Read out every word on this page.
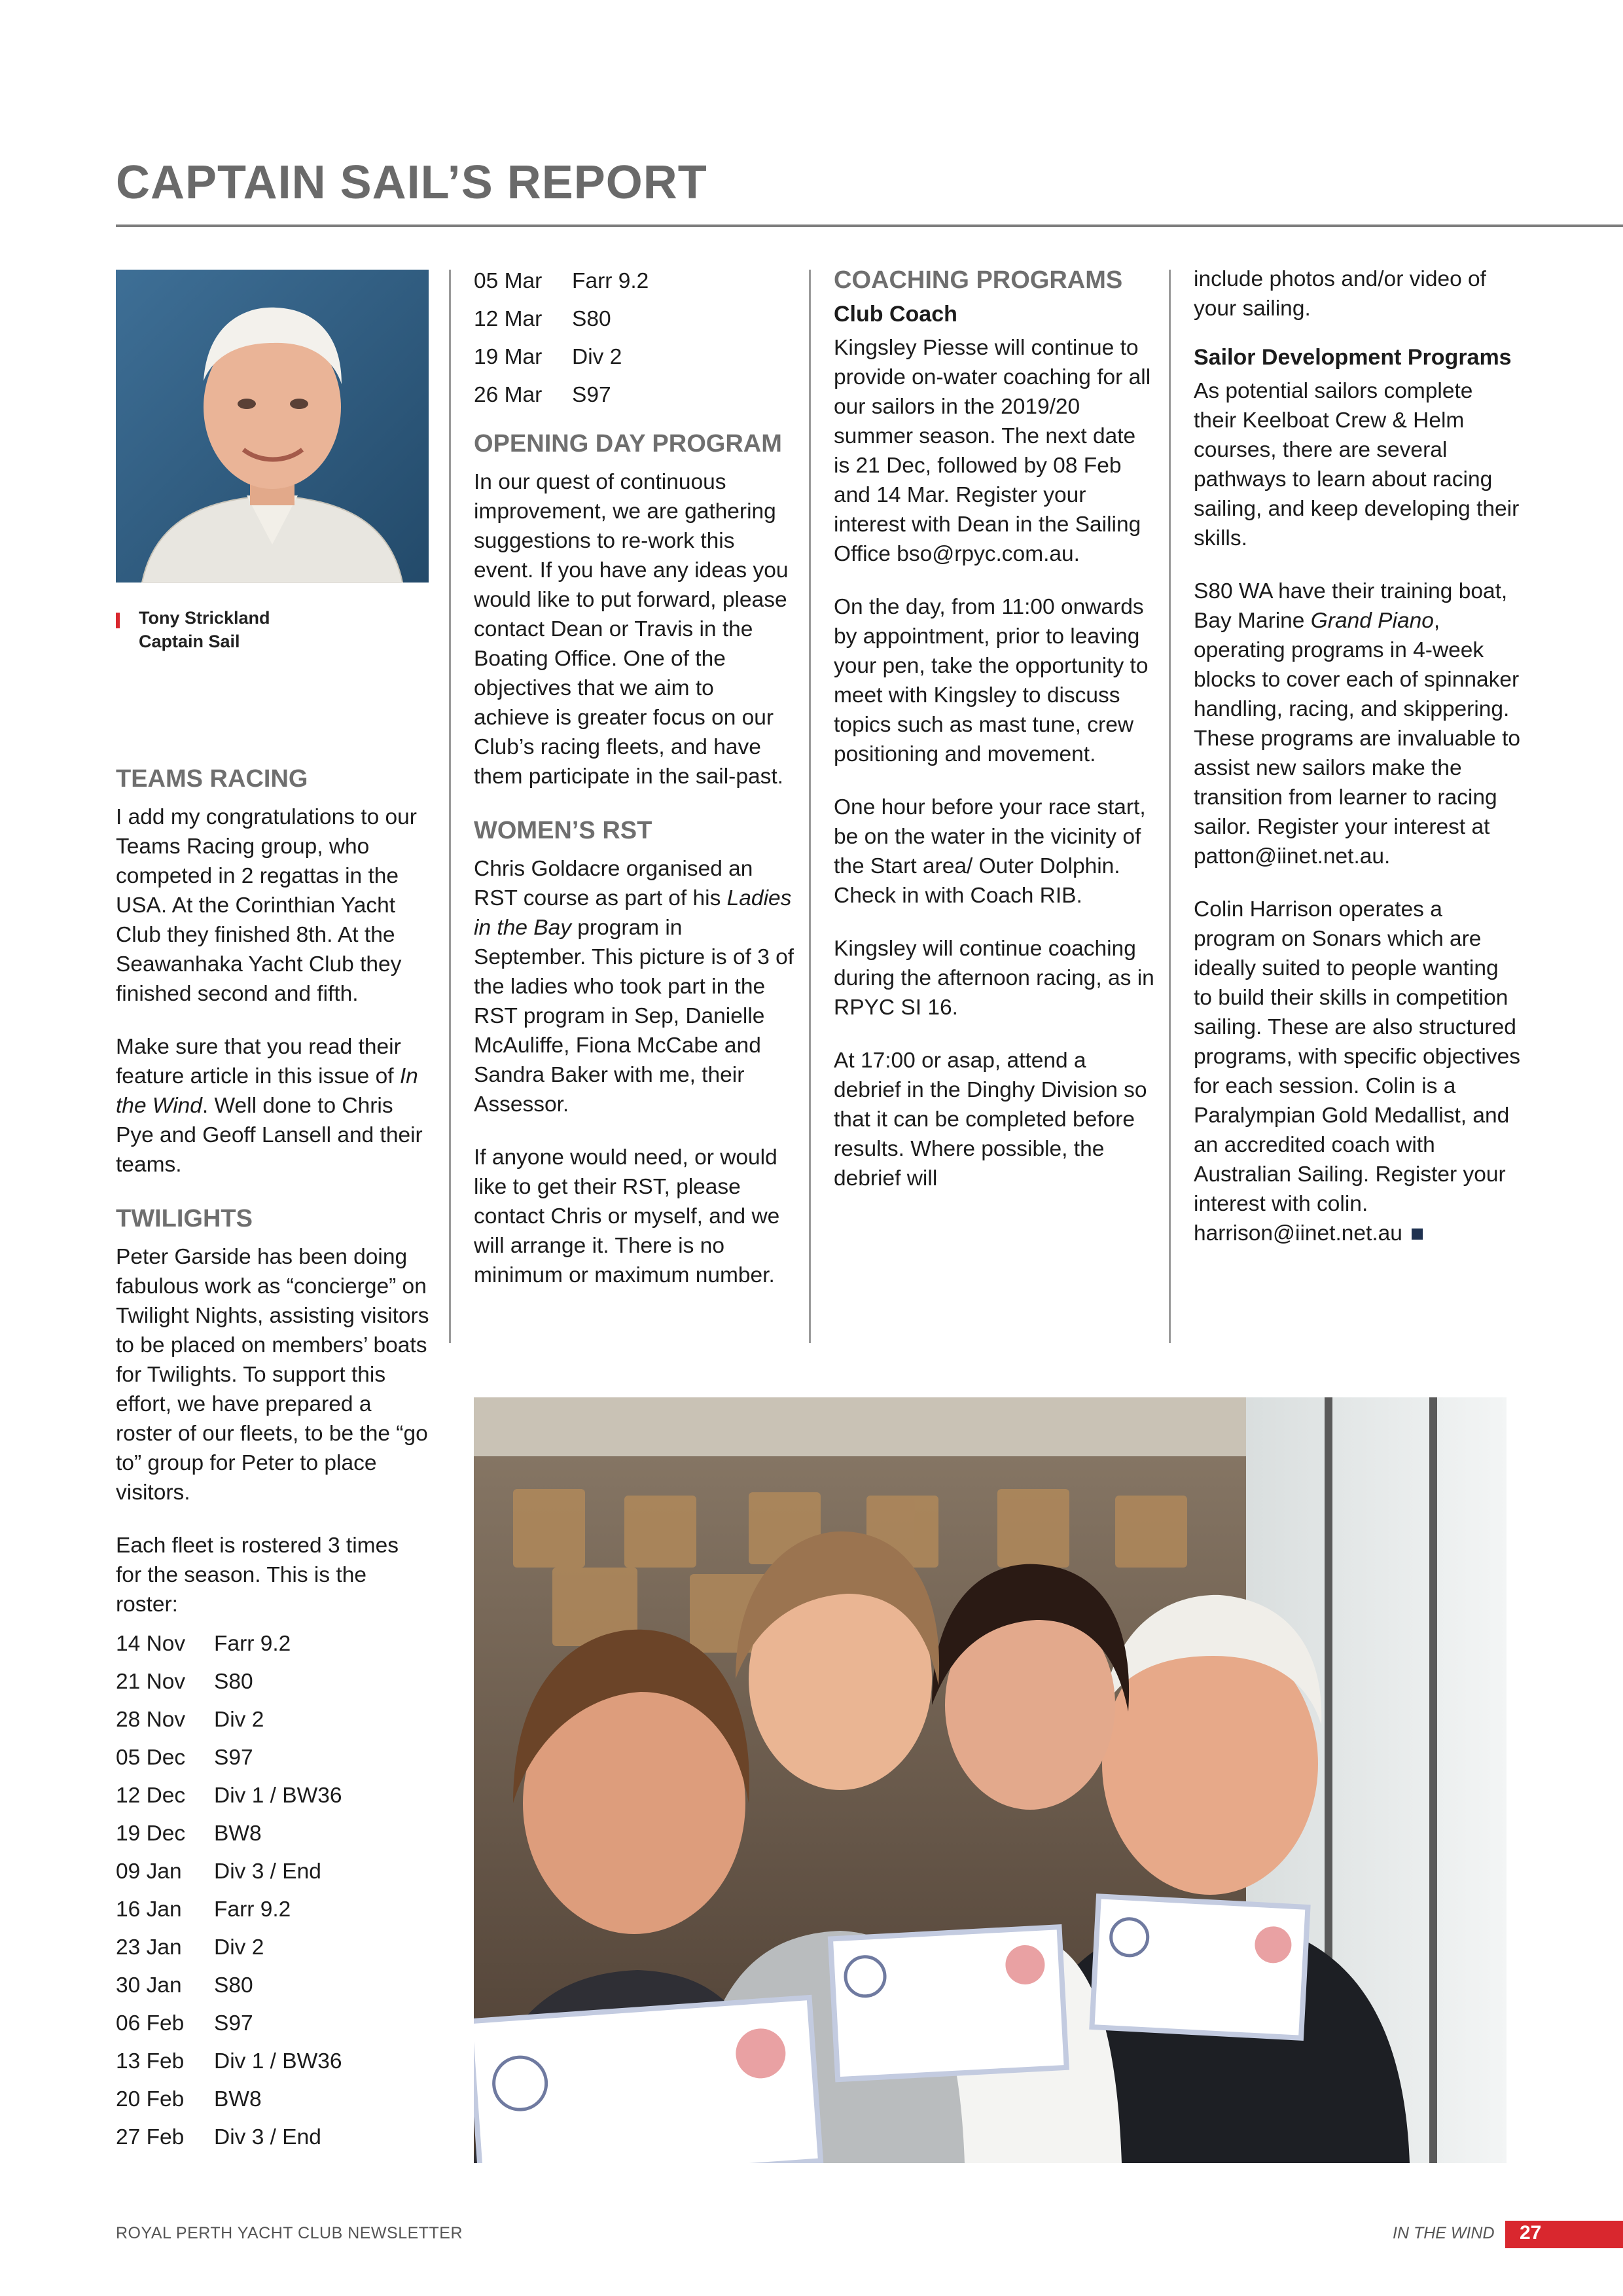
CAPTAIN SAIL’S REPORT
Tony Strickland
Captain Sail
TEAMS RACING

I add my congratulations to our Teams Racing group, who competed in 2 regattas in the USA. At the Corinthian Yacht Club they finished 8th. At the Seawanhaka Yacht Club they finished second and fifth.

Make sure that you read their feature article in this issue of In the Wind. Well done to Chris Pye and Geoff Lansell and their teams.

TWILIGHTS

Peter Garside has been doing fabulous work as “concierge” on Twilight Nights, assisting visitors to be placed on members’ boats for Twilights. To support this effort, we have prepared a roster of our fleets, to be the “go to” group for Peter to place visitors.

Each fleet is rostered 3 times for the season. This is the roster:

14 Nov	Farr 9.2
21 Nov	S80
28 Nov	Div 2
05 Dec	S97
12 Dec	Div 1 / BW36
19 Dec	BW8
09 Jan	Div 3 / End
16 Jan	Farr 9.2
23 Jan	Div 2
30 Jan	S80
06 Feb	S97
13 Feb	Div 1 / BW36
20 Feb	BW8
27 Feb	Div 3 / End
05 Mar	Farr 9.2
12 Mar	S80
19 Mar	Div 2
26 Mar	S97
OPENING DAY PROGRAM

In our quest of continuous improvement, we are gathering suggestions to re-work this event. If you have any ideas you would like to put forward, please contact Dean or Travis in the Boating Office. One of the objectives that we aim to achieve is greater focus on our Club’s racing fleets, and have them participate in the sail-past.

WOMEN’S RST

Chris Goldacre organised an RST course as part of his Ladies in the Bay program in September. This picture is of 3 of the ladies who took part in the RST program in Sep, Danielle McAuliffe, Fiona McCabe and Sandra Baker with me, their Assessor.

If anyone would need, or would like to get their RST, please contact Chris or myself, and we will arrange it. There is no minimum or maximum number.

COACHING PROGRAMS
Club Coach

Kingsley Piesse will continue to provide on-water coaching for all our sailors in the 2019/20 summer season. The next date is 21 Dec, followed by 08 Feb and 14 Mar. Register your interest with Dean in the Sailing Office bso@rpyc.com.au.

On the day, from 11:00 onwards by appointment, prior to leaving your pen, take the opportunity to meet with Kingsley to discuss topics such as mast tune, crew positioning and movement.

One hour before your race start, be on the water in the vicinity of the Start area/ Outer Dolphin. Check in with Coach RIB.

Kingsley will continue coaching during the afternoon racing, as in RPYC SI 16.

At 17:00 or asap, attend a debrief in the Dinghy Division so that it can be completed before results. Where possible, the debrief will

include photos and/or video of your sailing.

Sailor Development Programs

As potential sailors complete their Keelboat Crew & Helm courses, there are several pathways to learn about racing sailing, and keep developing their skills.

S80 WA have their training boat, Bay Marine Grand Piano, operating programs in 4-week blocks to cover each of spinnaker handling, racing, and skippering. These programs are invaluable to assist new sailors make the transition from learner to racing sailor. Register your interest at patton@iinet.net.au.

Colin Harrison operates a program on Sonars which are ideally suited to people wanting to build their skills in competition sailing. These are also structured programs, with specific objectives for each session. Colin is a Paralympian Gold Medallist, and an accredited coach with Australian Sailing. Register your interest with colin. harrison@iinet.net.au

ROYAL PERTH YACHT CLUB NEWSLETTER	IN THE WIND 27
